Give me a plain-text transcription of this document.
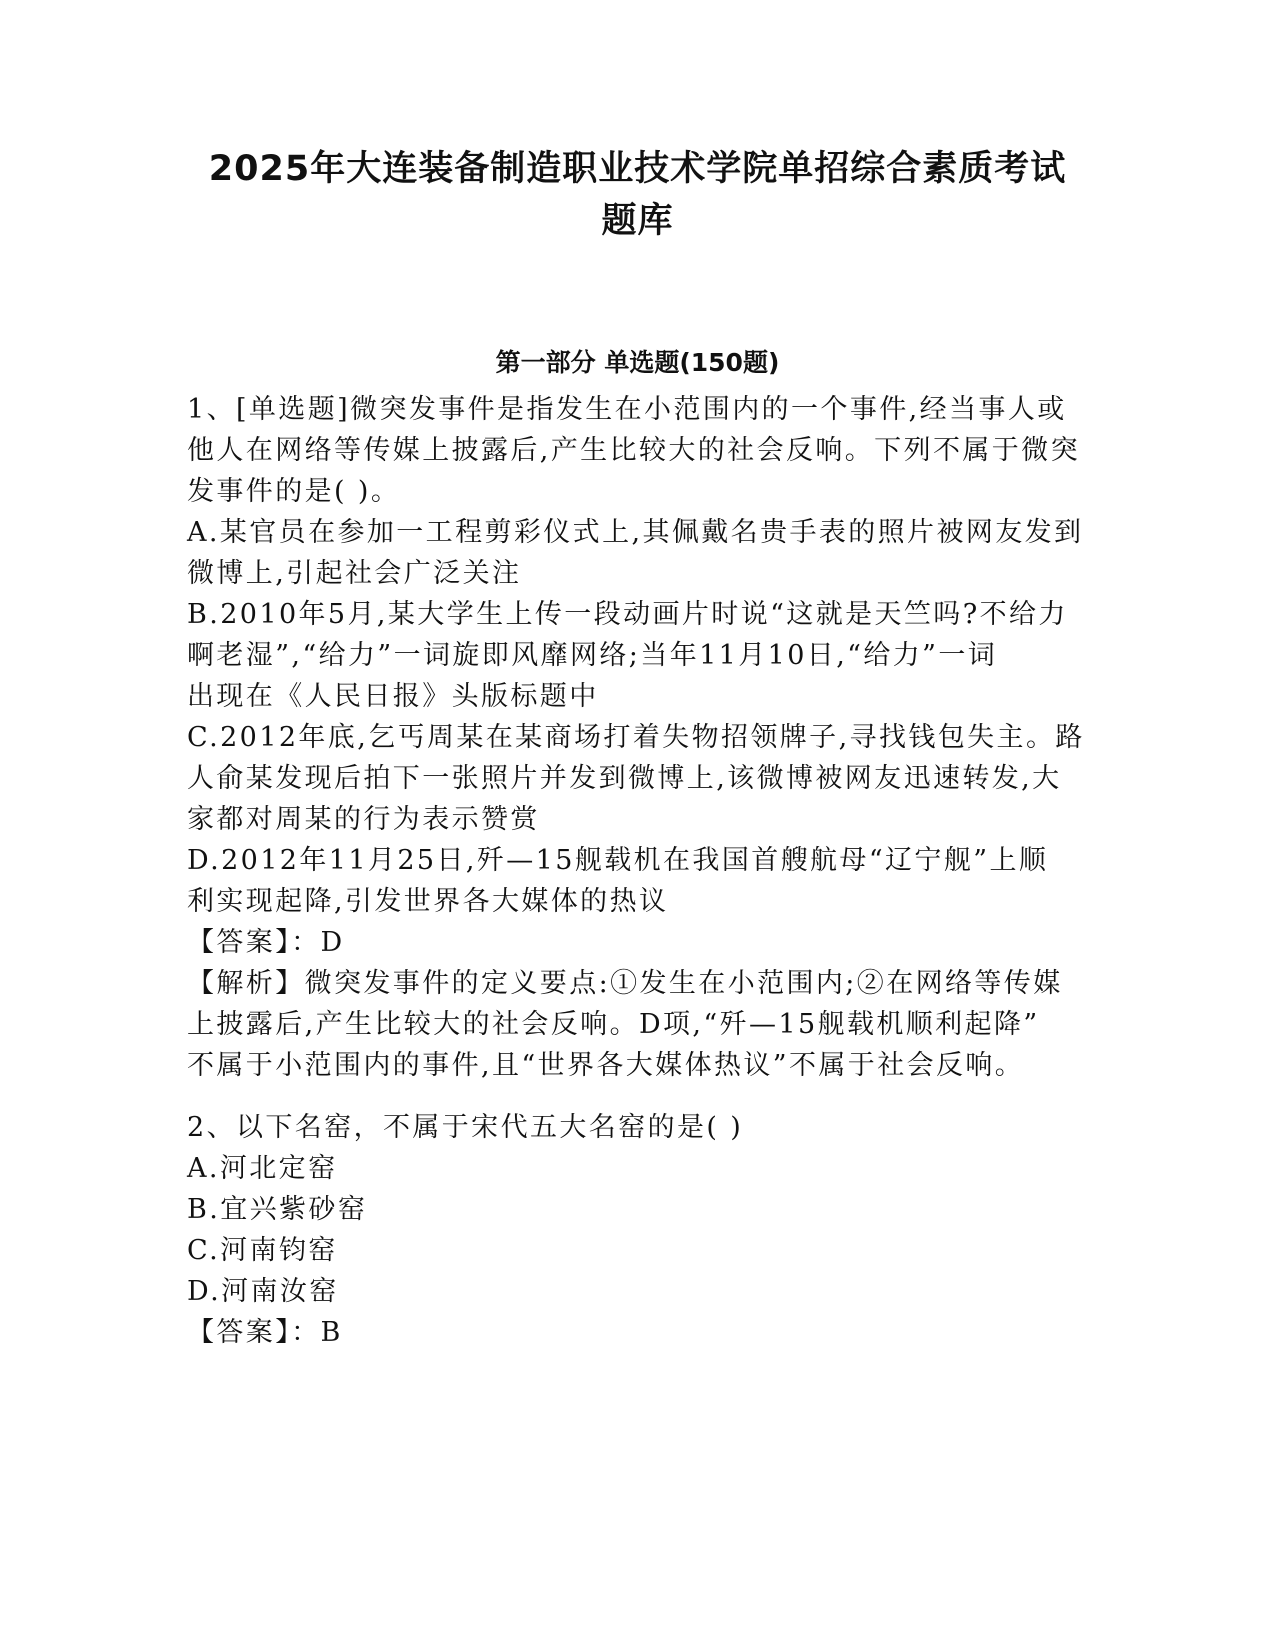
2025年大连装备制造职业技术学院单招综合素质考试
题库
第一部分 单选题(150题)
1、[单选题]微突发事件是指发生在小范围内的一个事件,经当事人或
他人在网络等传媒上披露后,产生比较大的社会反响。下列不属于微突
发事件的是( )。
A.某官员在参加一工程剪彩仪式上,其佩戴名贵手表的照片被网友发到
微博上,引起社会广泛关注
B.2010年5月,某大学生上传一段动画片时说“这就是天竺吗?不给力
啊老湿”,“给力”一词旋即风靡网络;当年11月10日,“给力”一词
出现在《人民日报》头版标题中
C.2012年底,乞丐周某在某商场打着失物招领牌子,寻找钱包失主。路
人俞某发现后拍下一张照片并发到微博上,该微博被网友迅速转发,大
家都对周某的行为表示赞赏
D.2012年11月25日,歼—15舰载机在我国首艘航母“辽宁舰”上顺
利实现起降,引发世界各大媒体的热议
【答案】：D
【解析】微突发事件的定义要点:①发生在小范围内;②在网络等传媒
上披露后,产生比较大的社会反响。D项,“歼—15舰载机顺利起降”
不属于小范围内的事件,且“世界各大媒体热议”不属于社会反响。
2、以下名窑，不属于宋代五大名窑的是( )
A.河北定窑
B.宜兴紫砂窑
C.河南钧窑
D.河南汝窑
【答案】：B
